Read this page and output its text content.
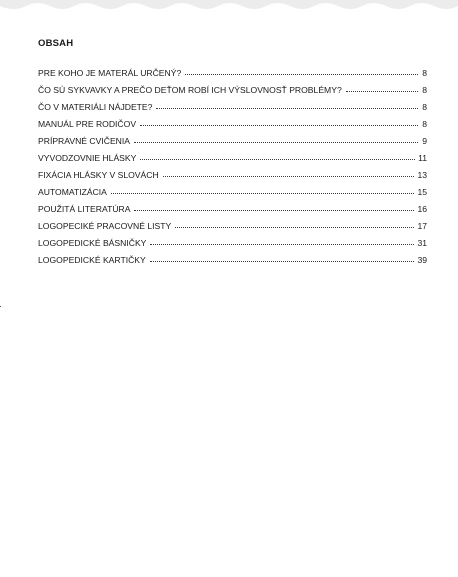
OBSAH
PRE KOHO JE MATERÁL URČENÝ?	8
ČO SÚ SYKVAVKY A PREČO DEŤOM ROBÍ ICH VÝSLOVNOSŤ PROBLÉMY?	8
ČO V MATERIÁLI NÁJDETE?	8
MANUÁL PRE RODIČOV	8
PRÍPRAVNÉ CVIČENIA	9
VYVODZOVNIE HLÁSKY	11
FIXÁCIA HLÁSKY V SLOVÁCH	13
AUTOMATIZÁCIA	15
POUŽITÁ LITERATÚRA	16
LOGOPECIKÉ PRACOVNÉ LISTY	17
LOGOPEDICKÉ BÁSNIČKY	31
LOGOPEDICKÉ KARTIČKY	39
